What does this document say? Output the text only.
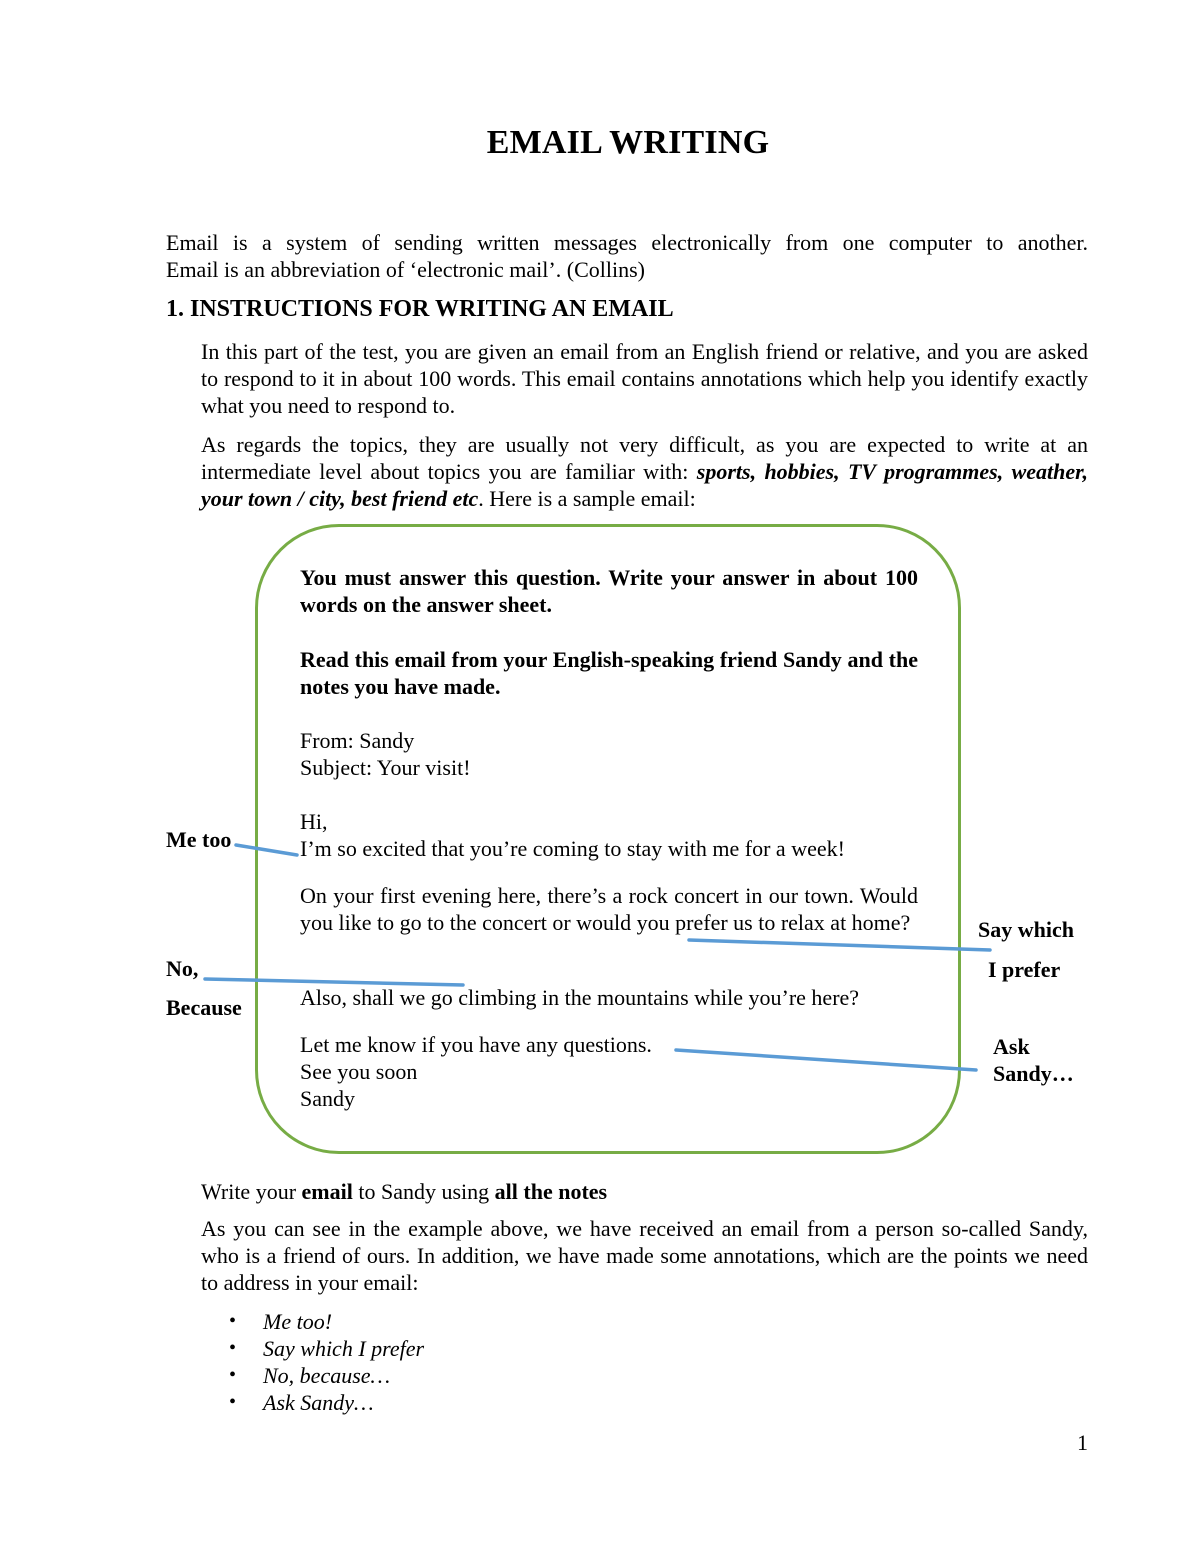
EMAIL WRITING
Email is a system of sending written messages electronically from one computer to another.
Email is an abbreviation of ‘electronic mail’. (Collins)
1. INSTRUCTIONS FOR WRITING AN EMAIL
In this part of the test, you are given an email from an English friend or relative, and you are asked to respond to it in about 100 words. This email contains annotations which help you identify exactly what you need to respond to.
As regards the topics, they are usually not very difficult, as you are expected to write at an intermediate level about topics you are familiar with: sports, hobbies, TV programmes, weather, your town / city, best friend etc. Here is a sample email:
You must answer this question. Write your answer in about 100 words on the answer sheet.
Read this email from your English-speaking friend Sandy and the notes you have made.
From: Sandy
Subject: Your visit!
Hi,
I’m so excited that you’re coming to stay with me for a week!
On your first evening here, there’s a rock concert in our town. Would you like to go to the concert or would you prefer us to relax at home?
Also, shall we go climbing in the mountains while you’re here?
Let me know if you have any questions.
See you soon
Sandy
Me too
Say which
I prefer
No,
Because
Ask
Sandy…
Write your email to Sandy using all the notes
As you can see in the example above, we have received an email from a person so-called Sandy, who is a friend of ours. In addition, we have made some annotations, which are the points we need to address in your email:
• Me too!
• Say which I prefer
• No, because…
• Ask Sandy…
1
